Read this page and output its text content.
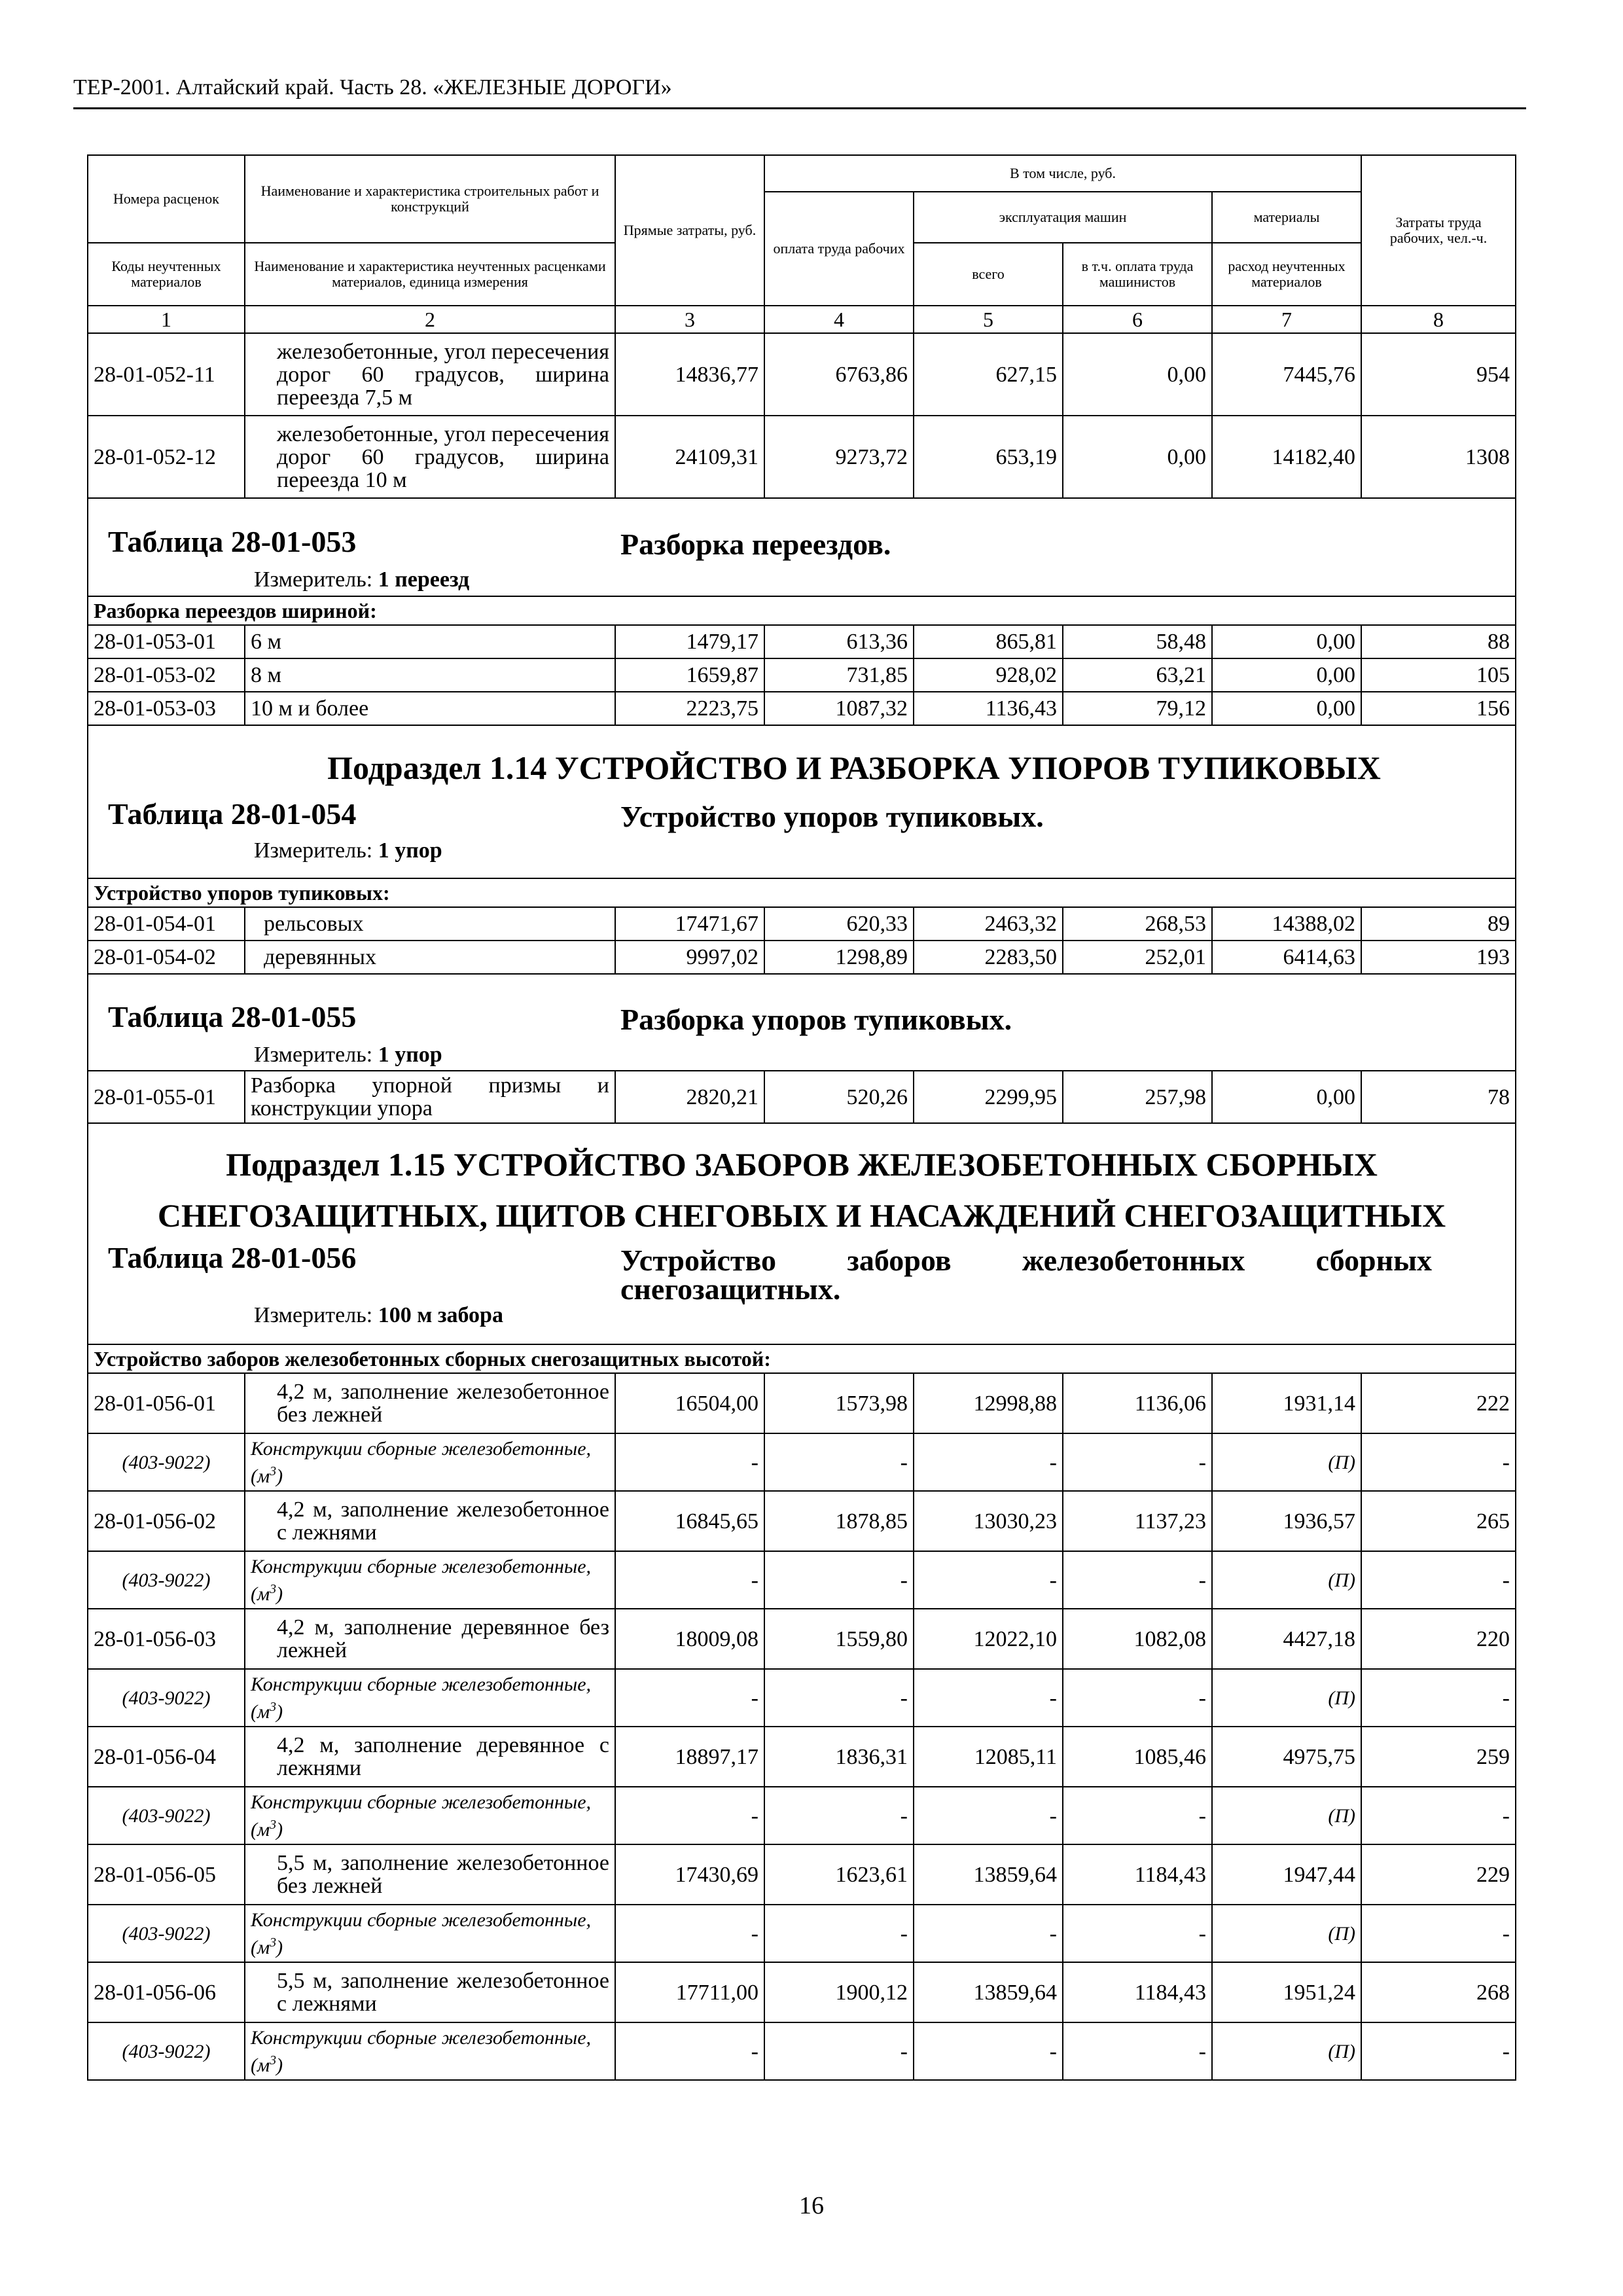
ТЕР-2001. Алтайский край. Часть 28. «ЖЕЛЕЗНЫЕ ДОРОГИ»
Номера расценок	Наименование и характеристика строительных работ и конструкций	Прямые затраты, руб.	В том числе, руб.				Затраты труда рабочих, чел.-ч.
			оплата труда рабочих	эксплуатация машин		материалы	
Коды неучтенных материалов	Наименование и характеристика неучтенных расценками материалов, единица измерения			всего	в т.ч. оплата труда машинистов	расход неучтенных материалов	
1	2	3	4	5	6	7	8
28-01-052-11	железобетонные, угол пересечения дорог 60 градусов, ширина переезда 7,5 м	14836,77	6763,86	627,15	0,00	7445,76	954
28-01-052-12	железобетонные, угол пересечения дорог 60 градусов, ширина переезда 10 м	24109,31	9273,72	653,19	0,00	14182,40	1308

Таблица 28-01-053 Разборка переездов.
Измеритель: 1 переезд							

Разборка переездов шириной:							
28-01-053-01	6 м	1479,17	613,36	865,81	58,48	0,00	88
28-01-053-02	8 м	1659,87	731,85	928,02	63,21	0,00	105
28-01-053-03	10 м и более	2223,75	1087,32	1136,43	79,12	0,00	156

Подраздел 1.14 УСТРОЙСТВО И РАЗБОРКА УПОРОВ ТУПИКОВЫХ
Таблица 28-01-054 Устройство упоров тупиковых.
Измеритель: 1 упор							

Устройство упоров тупиковых:							
28-01-054-01	рельсовых	17471,67	620,33	2463,32	268,53	14388,02	89
28-01-054-02	деревянных	9997,02	1298,89	2283,50	252,01	6414,63	193

Таблица 28-01-055 Разборка упоров тупиковых.
Измеритель: 1 упор							

28-01-055-01	Разборка упорной призмы и конструкции упора	2820,21	520,26	2299,95	257,98	0,00	78

Подраздел 1.15 УСТРОЙСТВО ЗАБОРОВ ЖЕЛЕЗОБЕТОННЫХ СБОРНЫХ
СНЕГОЗАЩИТНЫХ, ЩИТОВ СНЕГОВЫХ И НАСАЖДЕНИЙ СНЕГОЗАЩИТНЫХ
Таблица 28-01-056 Устройство заборов железобетонных сборных снегозащитных.
Измеритель: 100 м забора							

Устройство заборов железобетонных сборных снегозащитных высотой:							
28-01-056-01	4,2 м, заполнение железобетонное без лежней	16504,00	1573,98	12998,88	1136,06	1931,14	222
(403-9022)	Конструкции сборные железобетонные, $(м^3)$	-	-	-	-	(П)	-
28-01-056-02	4,2 м, заполнение железобетонное с лежнями	16845,65	1878,85	13030,23	1137,23	1936,57	265
(403-9022)	Конструкции сборные железобетонные, $(м^3)$	-	-	-	-	(П)	-
28-01-056-03	4,2 м, заполнение деревянное без лежней	18009,08	1559,80	12022,10	1082,08	4427,18	220
(403-9022)	Конструкции сборные железобетонные, $(м^3)$	-	-	-	-	(П)	-
28-01-056-04	4,2 м, заполнение деревянное с лежнями	18897,17	1836,31	12085,11	1085,46	4975,75	259
(403-9022)	Конструкции сборные железобетонные, $(м^3)$	-	-	-	-	(П)	-
28-01-056-05	5,5 м, заполнение железобетонное без лежней	17430,69	1623,61	13859,64	1184,43	1947,44	229
(403-9022)	Конструкции сборные железобетонные, $(м^3)$	-	-	-	-	(П)	-
28-01-056-06	5,5 м, заполнение железобетонное с лежнями	17711,00	1900,12	13859,64	1184,43	1951,24	268
(403-9022)	Конструкции сборные железобетонные, $(м^3)$	-	-	-	-	(П)	-
16
